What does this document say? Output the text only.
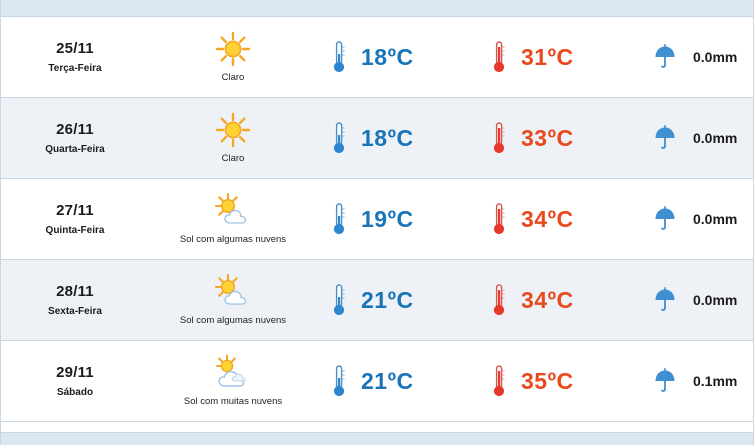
25/11
Terça-Feira
Claro
18ºC	31ºC	0.0mm
26/11
Quarta-Feira
Claro
18ºC	33ºC	0.0mm
27/11
Quinta-Feira
Sol com algumas nuvens
19ºC	34ºC	0.0mm
28/11
Sexta-Feira
Sol com algumas nuvens
21ºC	34ºC	0.0mm
29/11
Sábado
Sol com muitas nuvens
21ºC	35ºC	0.1mm
